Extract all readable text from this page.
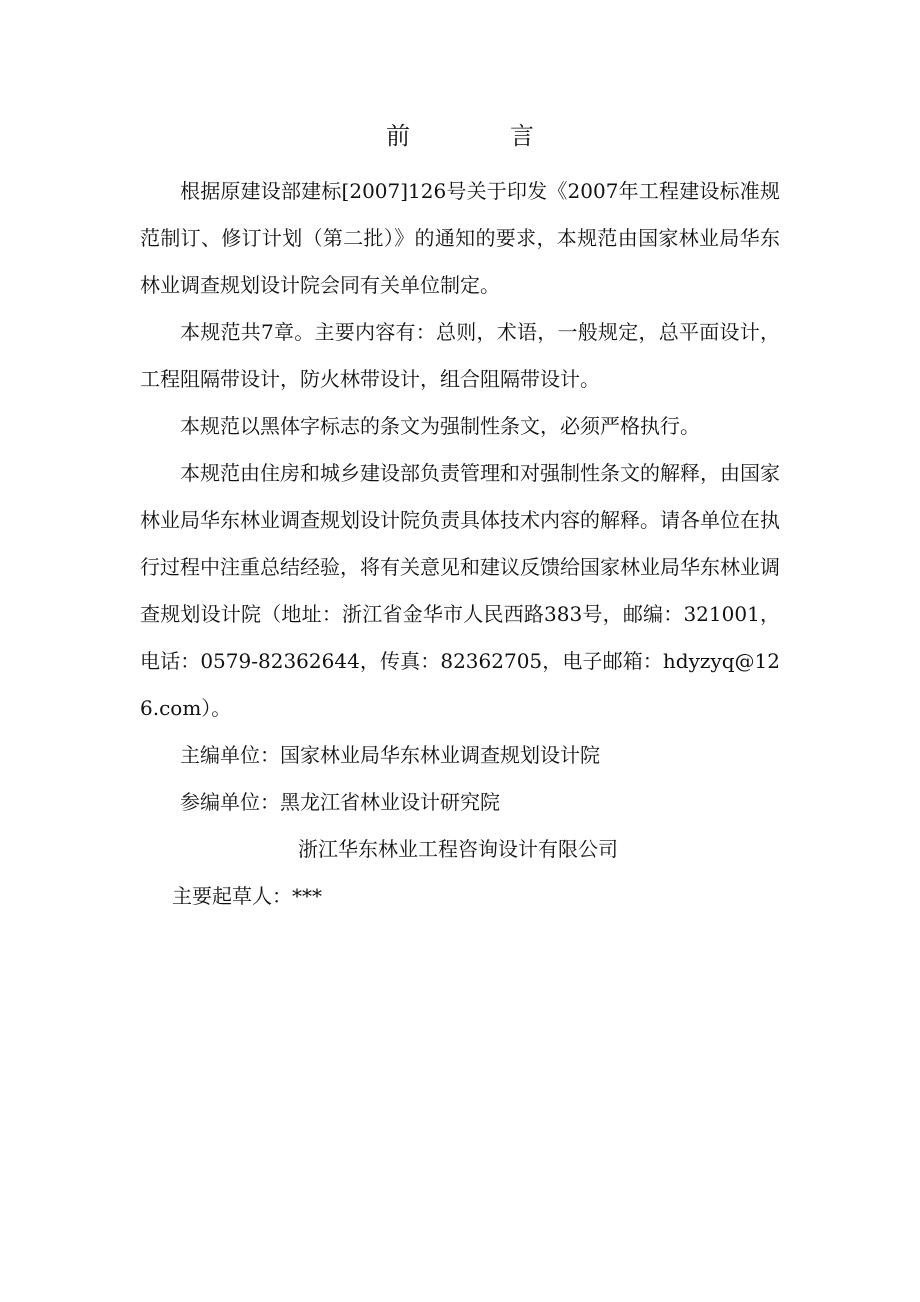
前	言

根据原建设部建标[2007]126号关于印发《2007年工程建设标准规范制订、修订计划（第二批）》的通知的要求，本规范由国家林业局华东林业调查规划设计院会同有关单位制定。

本规范共7章。主要内容有：总则，术语，一般规定，总平面设计，工程阻隔带设计，防火林带设计，组合阻隔带设计。

本规范以黑体字标志的条文为强制性条文，必须严格执行。

本规范由住房和城乡建设部负责管理和对强制性条文的解释，由国家林业局华东林业调查规划设计院负责具体技术内容的解释。请各单位在执行过程中注重总结经验，将有关意见和建议反馈给国家林业局华东林业调查规划设计院（地址：浙江省金华市人民西路383号，邮编：321001，电话：0579-82362644，传真：82362705，电子邮箱：hdyzyq@126.com）。

主编单位：国家林业局华东林业调查规划设计院

参编单位：黑龙江省林业设计研究院

浙江华东林业工程咨询设计有限公司

主要起草人：***
